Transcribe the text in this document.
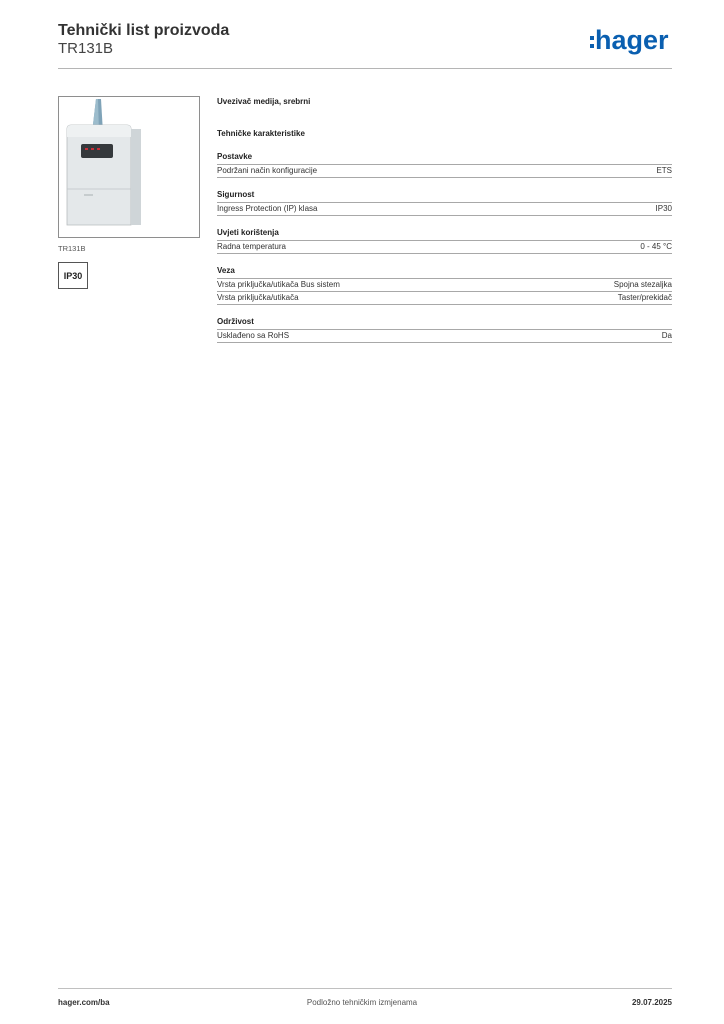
Tehnički list proizvoda
TR131B	hager
TR131B
IP30
Uvezivač medija, srebrni
Tehničke karakteristike
Postavke
Podržani način konfiguracije	ETS
Sigurnost
Ingress Protection (IP) klasa	IP30
Uvjeti korištenja
Radna temperatura	0 - 45 °C
Veza
Vrsta priključka/utikača Bus sistem	Spojna stezaljka
Vrsta priključka/utikača	Taster/prekidač
Održivost
Usklađeno sa RoHS	Da
hager.com/ba	Podložno tehničkim izmjenama	29.07.2025
